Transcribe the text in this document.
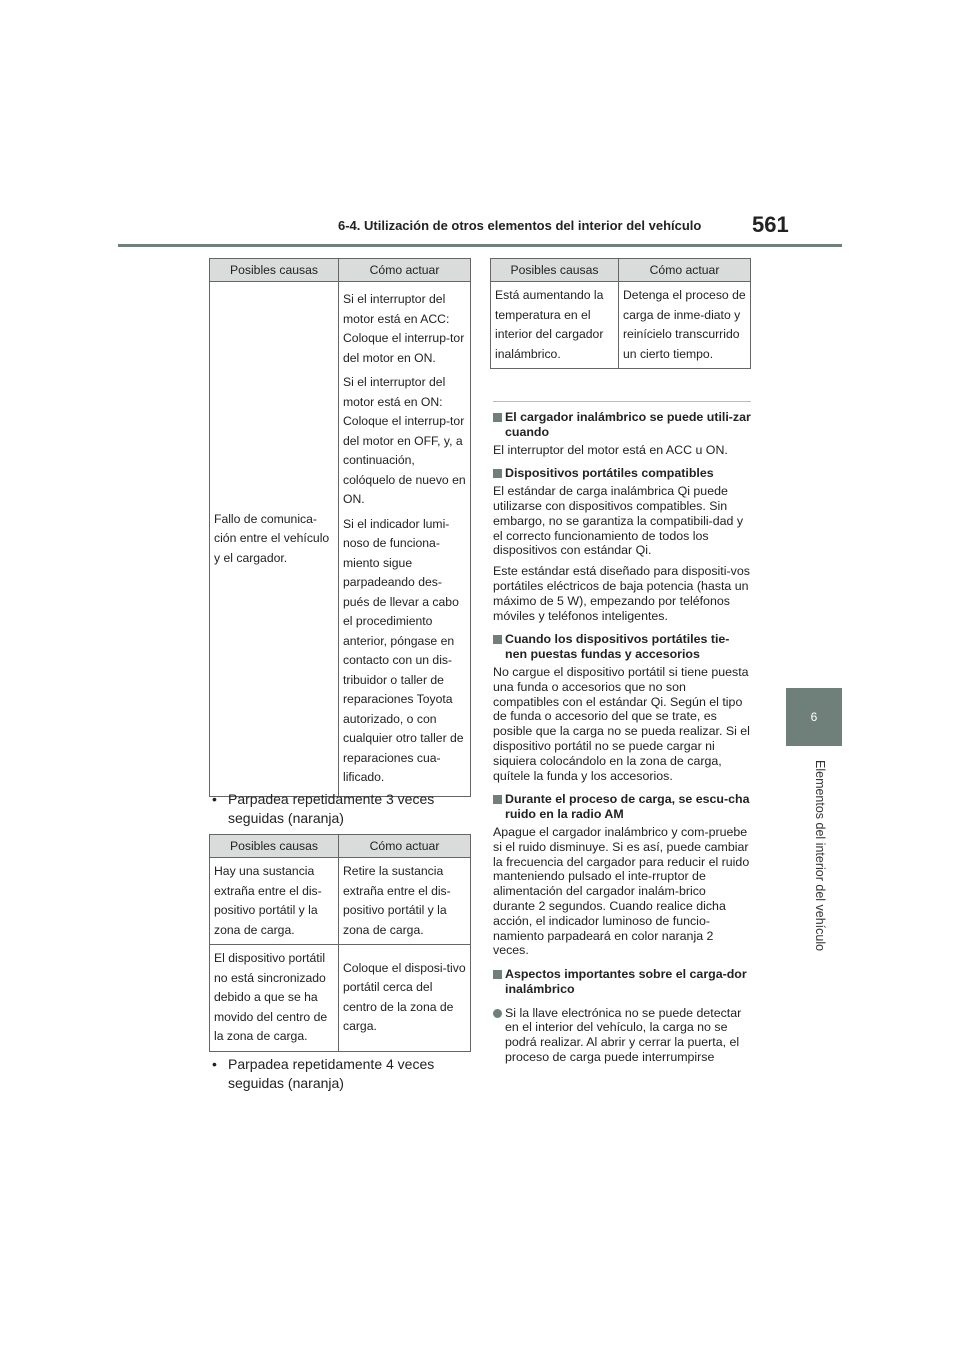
6-4. Utilización de otros elementos del interior del vehículo 561
6
Elementos del interior del vehículo
Posibles causas	Cómo actuar
Fallo de comunica-ción entre el vehículo y el cargador.	Si el interruptor del motor está en ACC: Coloque el interrup-tor del motor en ON.

Si el interruptor del motor está en ON: Coloque el interrup-tor del motor en OFF, y, a continuación, colóquelo de nuevo en ON.

Si el indicador lumi-noso de funciona-miento sigue parpadeando des-pués de llevar a cabo el procedimiento anterior, póngase en contacto con un dis-tribuidor o taller de reparaciones Toyota autorizado, o con cualquier otro taller de reparaciones cua-lificado.

• Parpadea repetidamente 3 veces seguidas (naranja)
Posibles causas	Cómo actuar
Hay una sustancia extraña entre el dis-positivo portátil y la zona de carga.	Retire la sustancia extraña entre el dis-positivo portátil y la zona de carga.
El dispositivo portátil no está sincronizado debido a que se ha movido del centro de la zona de carga.	Coloque el disposi-tivo portátil cerca del centro de la zona de carga.
• Parpadea repetidamente 4 veces seguidas (naranja)
Posibles causas	Cómo actuar
Está aumentando la temperatura en el interior del cargador inalámbrico.	Detenga el proceso de carga de inme-diato y reinícielo transcurrido un cierto tiempo.
El cargador inalámbrico se puede utili-zar cuando

El interruptor del motor está en ACC u ON.

Dispositivos portátiles compatibles

El estándar de carga inalámbrica Qi puede utilizarse con dispositivos compatibles. Sin embargo, no se garantiza la compatibili-dad y el correcto funcionamiento de todos los dispositivos con estándar Qi.

Este estándar está diseñado para dispositi-vos portátiles eléctricos de baja potencia (hasta un máximo de 5 W), empezando por teléfonos móviles y teléfonos inteligentes.

Cuando los dispositivos portátiles tie-nen puestas fundas y accesorios

No cargue el dispositivo portátil si tiene puesta una funda o accesorios que no son compatibles con el estándar Qi. Según el tipo de funda o accesorio del que se trate, es posible que la carga no se pueda realizar. Si el dispositivo portátil no se puede cargar ni siquiera colocándolo en la zona de carga, quítele la funda y los accesorios.

Durante el proceso de carga, se escu-cha ruido en la radio AM

Apague el cargador inalámbrico y com-pruebe si el ruido disminuye. Si es así, puede cambiar la frecuencia del cargador para reducir el ruido manteniendo pulsado el inte-rruptor de alimentación del cargador inalám-brico durante 2 segundos. Cuando realice dicha acción, el indicador luminoso de funcio-namiento parpadeará en color naranja 2 veces.

Aspectos importantes sobre el carga-dor inalámbrico
Si la llave electrónica no se puede detectar en el interior del vehículo, la carga no se podrá realizar. Al abrir y cerrar la puerta, el proceso de carga puede interrumpirse
